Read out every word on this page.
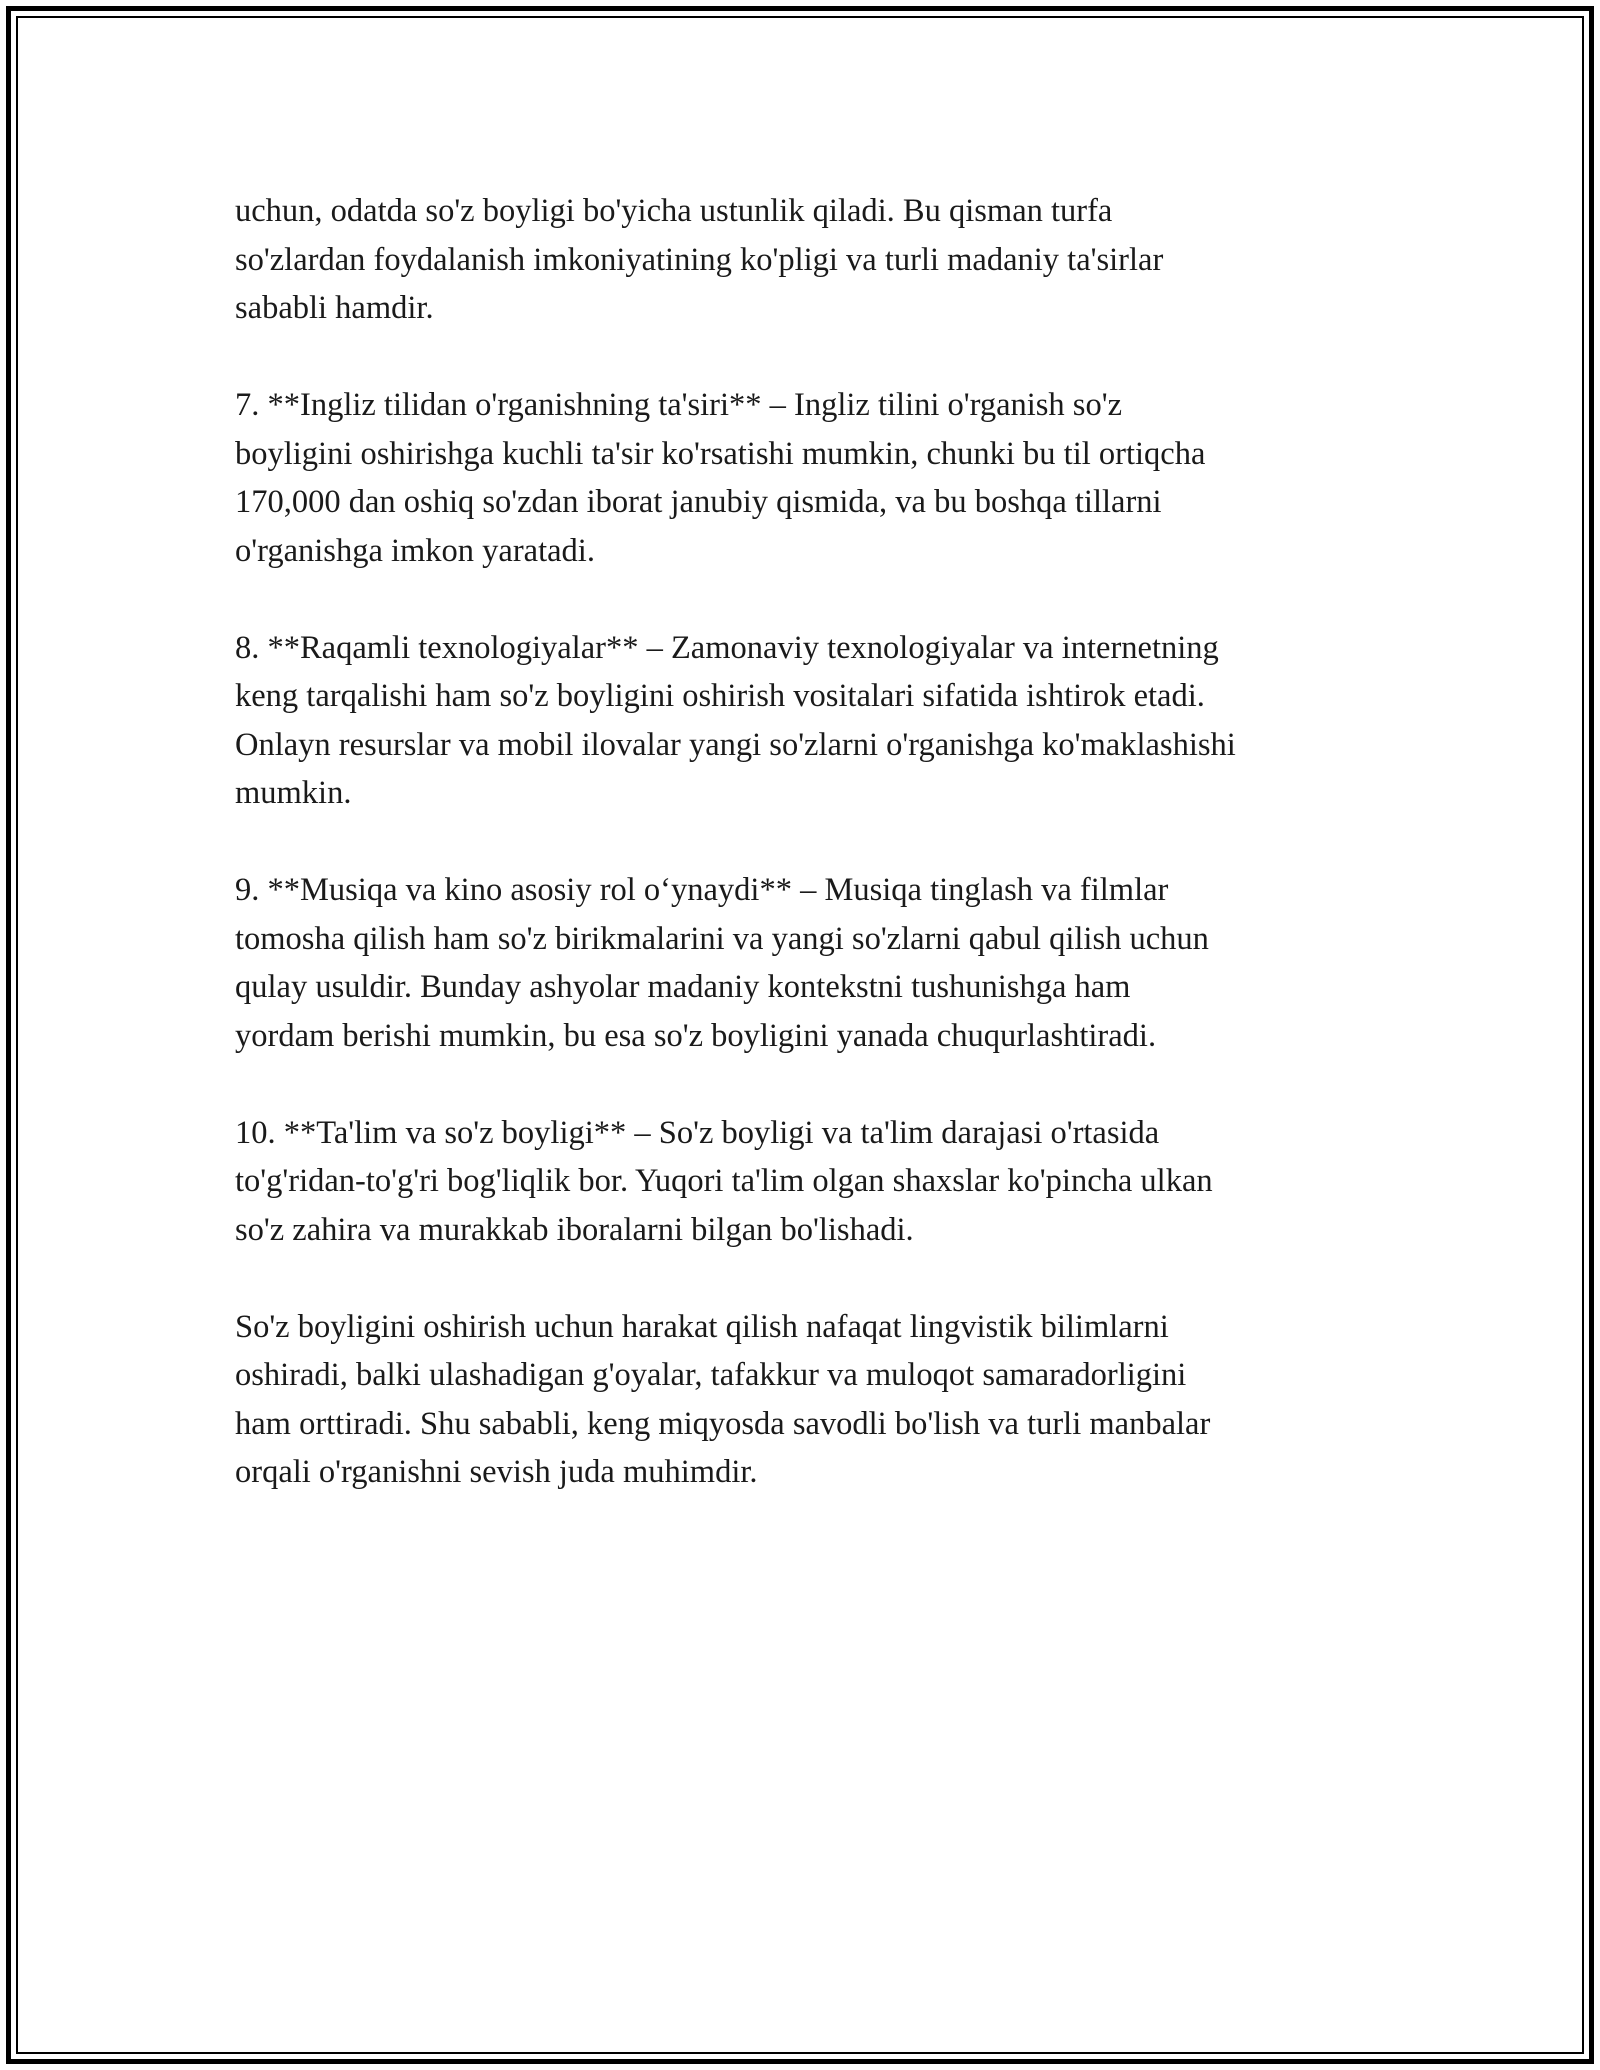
uchun, odatda so'z boyligi bo'yicha ustunlik qiladi. Bu qisman turfa
so'zlardan foydalanish imkoniyatining ko'pligi va turli madaniy ta'sirlar
sababli hamdir.

7. **Ingliz tilidan o'rganishning ta'siri** – Ingliz tilini o'rganish so'z
boyligini oshirishga kuchli ta'sir ko'rsatishi mumkin, chunki bu til ortiqcha
170,000 dan oshiq so'zdan iborat janubiy qismida, va bu boshqa tillarni
o'rganishga imkon yaratadi.

8. **Raqamli texnologiyalar** – Zamonaviy texnologiyalar va internetning
keng tarqalishi ham so'z boyligini oshirish vositalari sifatida ishtirok etadi.
Onlayn resurslar va mobil ilovalar yangi so'zlarni o'rganishga ko'maklashishi
mumkin.

9. **Musiqa va kino asosiy rol oʻynaydi** – Musiqa tinglash va filmlar
tomosha qilish ham so'z birikmalarini va yangi so'zlarni qabul qilish uchun
qulay usuldir. Bunday ashyolar madaniy kontekstni tushunishga ham
yordam berishi mumkin, bu esa so'z boyligini yanada chuqurlashtiradi.

10. **Ta'lim va so'z boyligi** – So'z boyligi va ta'lim darajasi o'rtasida
to'g'ridan-to'g'ri bog'liqlik bor. Yuqori ta'lim olgan shaxslar ko'pincha ulkan
so'z zahira va murakkab iboralarni bilgan bo'lishadi.

So'z boyligini oshirish uchun harakat qilish nafaqat lingvistik bilimlarni
oshiradi, balki ulashadigan g'oyalar, tafakkur va muloqot samaradorligini
ham orttiradi. Shu sababli, keng miqyosda savodli bo'lish va turli manbalar
orqali o'rganishni sevish juda muhimdir.
